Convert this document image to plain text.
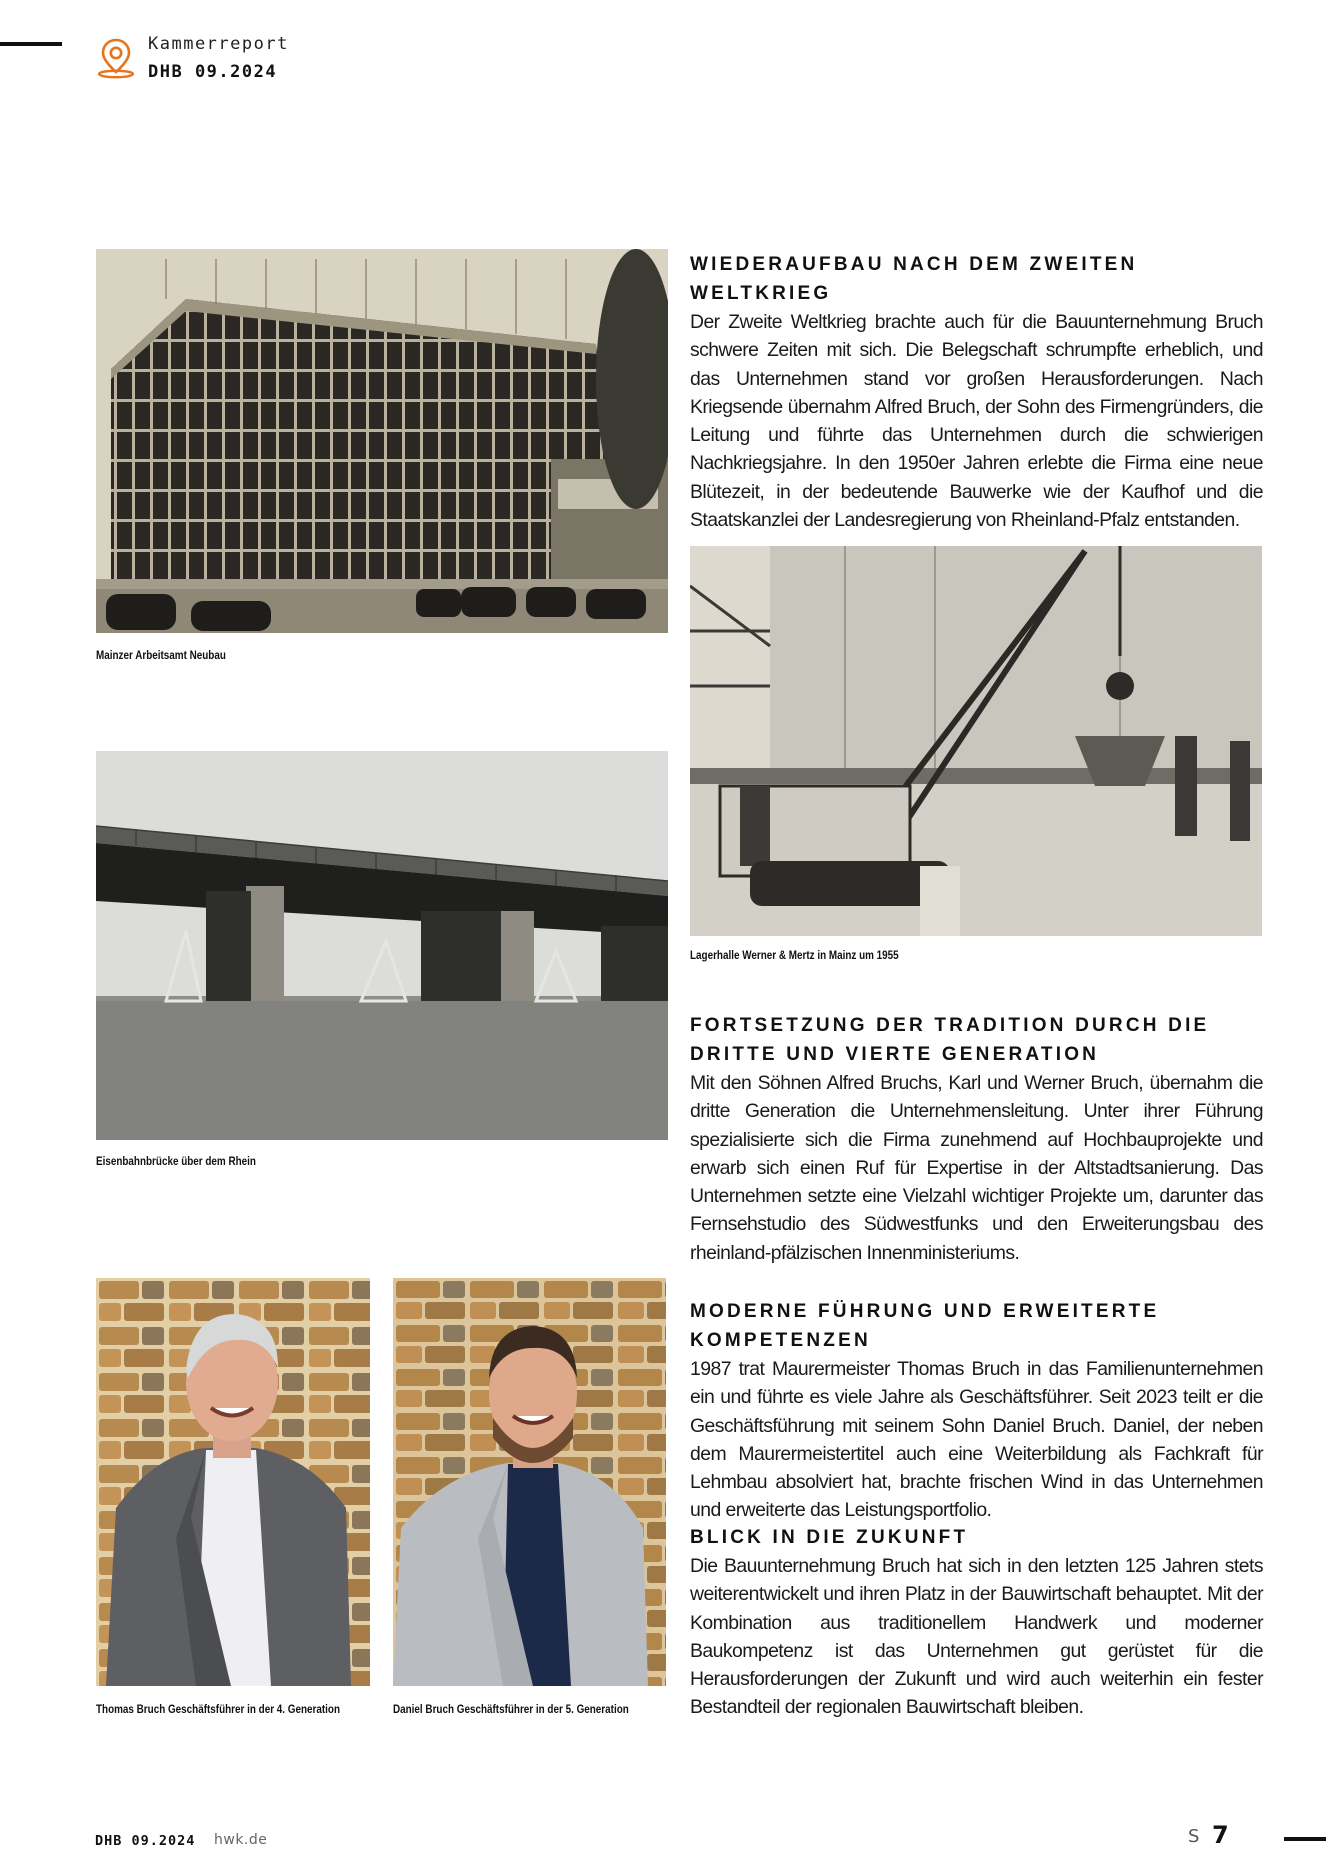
Kammerreport
DHB 09.2024
Mainzer Arbeitsamt Neubau
Lagerhalle Werner & Mertz in Mainz um 1955
Eisenbahnbrücke über dem Rhein
Thomas Bruch Geschäftsführer in der 4. Generation	Daniel Bruch Geschäftsführer in der 5. Generation
WIEDERAUFBAU NACH DEM ZWEITEN WELTKRIEG

Der Zweite Weltkrieg brachte auch für die Bauunternehmung Bruch schwere Zeiten mit sich. Die Belegschaft schrumpfte erheblich, und das Unternehmen stand vor großen Herausforderungen. Nach Kriegsende übernahm Alfred Bruch, der Sohn des Firmengründers, die Leitung und führte das Unternehmen durch die schwierigen Nachkriegsjahre. In den 1950er Jahren erlebte die Firma eine neue Blütezeit, in der bedeutende Bauwerke wie der Kaufhof und die Staatskanzlei der Landesregierung von Rheinland-Pfalz entstanden.

FORTSETZUNG DER TRADITION DURCH DIE DRITTE UND VIERTE GENERATION

Mit den Söhnen Alfred Bruchs, Karl und Werner Bruch, übernahm die dritte Generation die Unternehmensleitung. Unter ihrer Führung spezialisierte sich die Firma zunehmend auf Hochbauprojekte und erwarb sich einen Ruf für Expertise in der Altstadtsanierung. Das Unternehmen setzte eine Vielzahl wichtiger Projekte um, darunter das Fernsehstudio des Südwestfunks und den Erweiterungsbau des rheinland-pfälzischen Innenministeriums.

MODERNE FÜHRUNG UND ERWEITERTE KOMPETENZEN

1987 trat Maurermeister Thomas Bruch in das Familienunternehmen ein und führte es viele Jahre als Geschäftsführer. Seit 2023 teilt er die Geschäftsführung mit seinem Sohn Daniel Bruch. Daniel, der neben dem Maurermeistertitel auch eine Weiterbildung als Fachkraft für Lehmbau absolviert hat, brachte frischen Wind in das Unternehmen und erweiterte das Leistungsportfolio.

BLICK IN DIE ZUKUNFT

Die Bauunternehmung Bruch hat sich in den letzten 125 Jahren stets weiterentwickelt und ihren Platz in der Bauwirtschaft behauptet. Mit der Kombination aus traditionellem Handwerk und moderner Baukompetenz ist das Unternehmen gut gerüstet für die Herausforderungen der Zukunft und wird auch weiterhin ein fester Bestandteil der regionalen Bauwirtschaft bleiben.

DHB 09.2024 hwk.de	S 7
